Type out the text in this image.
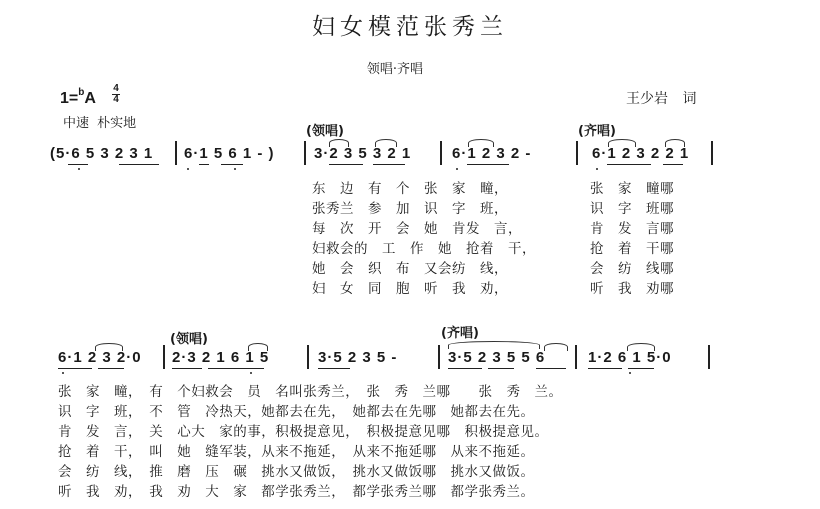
妇女模范张秀兰
领唱·齐唱
王少岩 词
1=$^b$A
4
4
中速 朴实地
(领唱)	(齐唱)
(5·6 5 3 2 3 1 6·1 5 6 1 - )	3·2 3 5 3 2 1	6·1 2 3 2 -	6·1 2 3 2 2 1
东　边　有　个　张　家　疃，
张秀兰　参　加　识　字　班，
每　次　开　会　她　肯发　言，
妇救会的　工　作　她　抢着　干，
她　会　织　布　又会纺　线，
妇　女　同　胞　听　我　劝，
张　家　疃哪
识　字　班哪
肯　发　言哪
抢　着　干哪
会　纺　线哪
听　我　劝哪
(领唱)	(齐唱)
6·1 2 3 2·0 2·3 2 1 6 1 5	3·5 2 3 5 -	3·5 2 3 5 5 6	1·2 6 1 5·0
张　家　疃，　有　个妇救会　员　名叫张秀兰，　张　秀　兰哪　　张　秀　兰。
识　字　班，　不　管　冷热天，她都去在先，　她都去在先哪　她都去在先。
肯　发　言，　关　心大　家的事，积极提意见，　积极提意见哪　积极提意见。
抢　着　干，　叫　她　缝军装，从来不拖延，　从来不拖延哪　从来不拖延。
会　纺　线，　推　磨　压　碾　挑水又做饭，　挑水又做饭哪　挑水又做饭。
听　我　劝，　我　劝　大　家　都学张秀兰，　都学张秀兰哪　都学张秀兰。
